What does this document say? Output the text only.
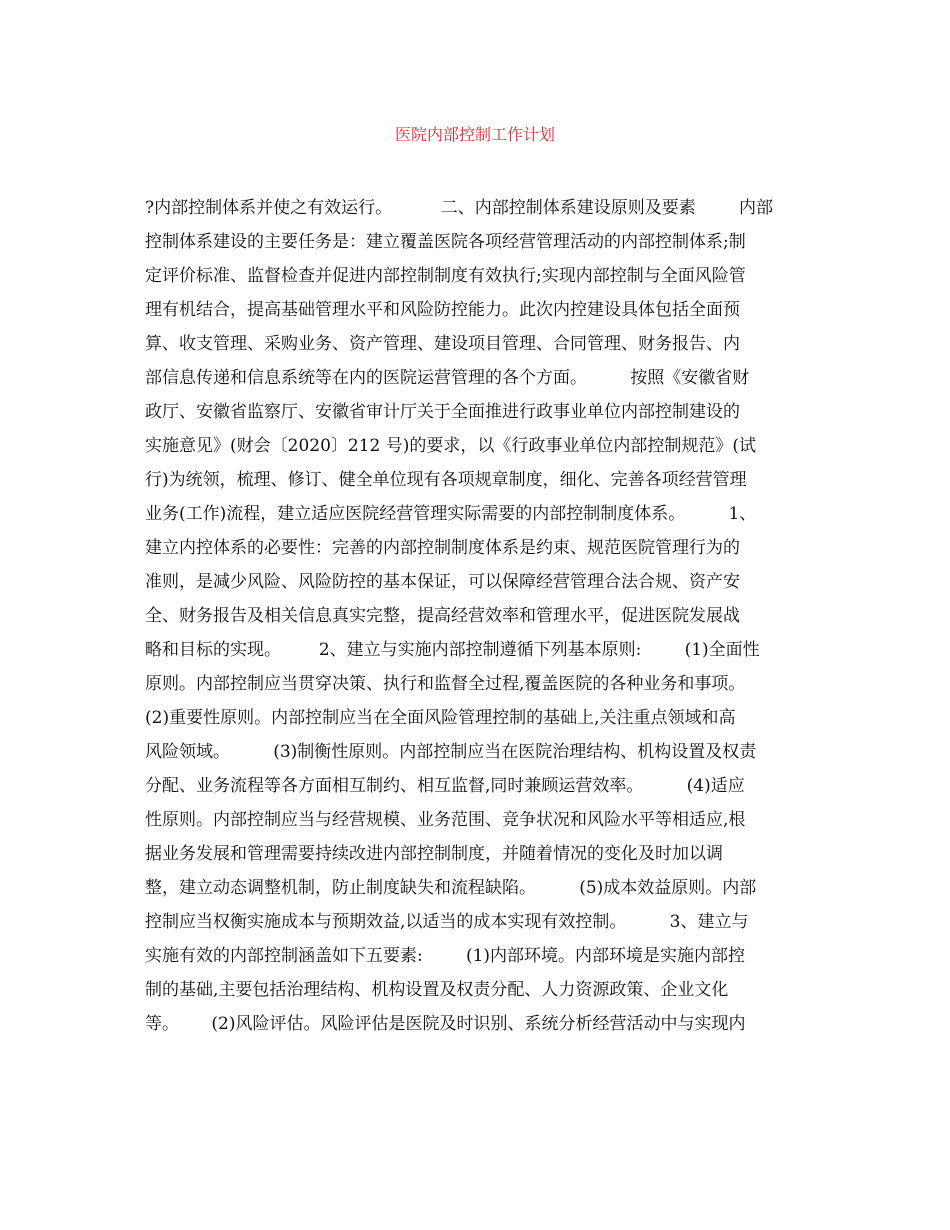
医院内部控制工作计划
?内部控制体系并使之有效运行。         二、内部控制体系建设原则及要素        内部
控制体系建设的主要任务是：建立覆盖医院各项经营管理活动的内部控制体系;制
定评价标准、监督检查并促进内部控制制度有效执行;实现内部控制与全面风险管
理有机结合，提高基础管理水平和风险防控能力。此次内控建设具体包括全面预
算、收支管理、采购业务、资产管理、建设项目管理、合同管理、财务报告、内
部信息传递和信息系统等在内的医院运营管理的各个方面。        按照《安徽省财
政厅、安徽省监察厅、安徽省审计厅关于全面推进行政事业单位内部控制建设的
实施意见》(财会〔2020〕212 号)的要求，以《行政事业单位内部控制规范》(试
行)为统领，梳理、修订、健全单位现有各项规章制度，细化、完善各项经营管理
业务(工作)流程，建立适应医院经营管理实际需要的内部控制制度体系。        1、
建立内控体系的必要性：完善的内部控制制度体系是约束、规范医院管理行为的
准则，是减少风险、风险防控的基本保证，可以保障经营管理合法合规、资产安
全、财务报告及相关信息真实完整，提高经营效率和管理水平，促进医院发展战
略和目标的实现。       2、建立与实施内部控制遵循下列基本原则:        (1)全面性
原则。内部控制应当贯穿决策、执行和监督全过程,覆盖医院的各种业务和事项。
(2)重要性原则。内部控制应当在全面风险管理控制的基础上,关注重点领域和高
风险领域。        (3)制衡性原则。内部控制应当在医院治理结构、机构设置及权责
分配、业务流程等各方面相互制约、相互监督,同时兼顾运营效率。        (4)适应
性原则。内部控制应当与经营规模、业务范围、竞争状况和风险水平等相适应,根
据业务发展和管理需要持续改进内部控制制度，并随着情况的变化及时加以调
整，建立动态调整机制，防止制度缺失和流程缺陷。        (5)成本效益原则。内部
控制应当权衡实施成本与预期效益,以适当的成本实现有效控制。        3、建立与
实施有效的内部控制涵盖如下五要素:        (1)内部环境。内部环境是实施内部控
制的基础,主要包括治理结构、机构设置及权责分配、人力资源政策、企业文化
等。      (2)风险评估。风险评估是医院及时识别、系统分析经营活动中与实现内
